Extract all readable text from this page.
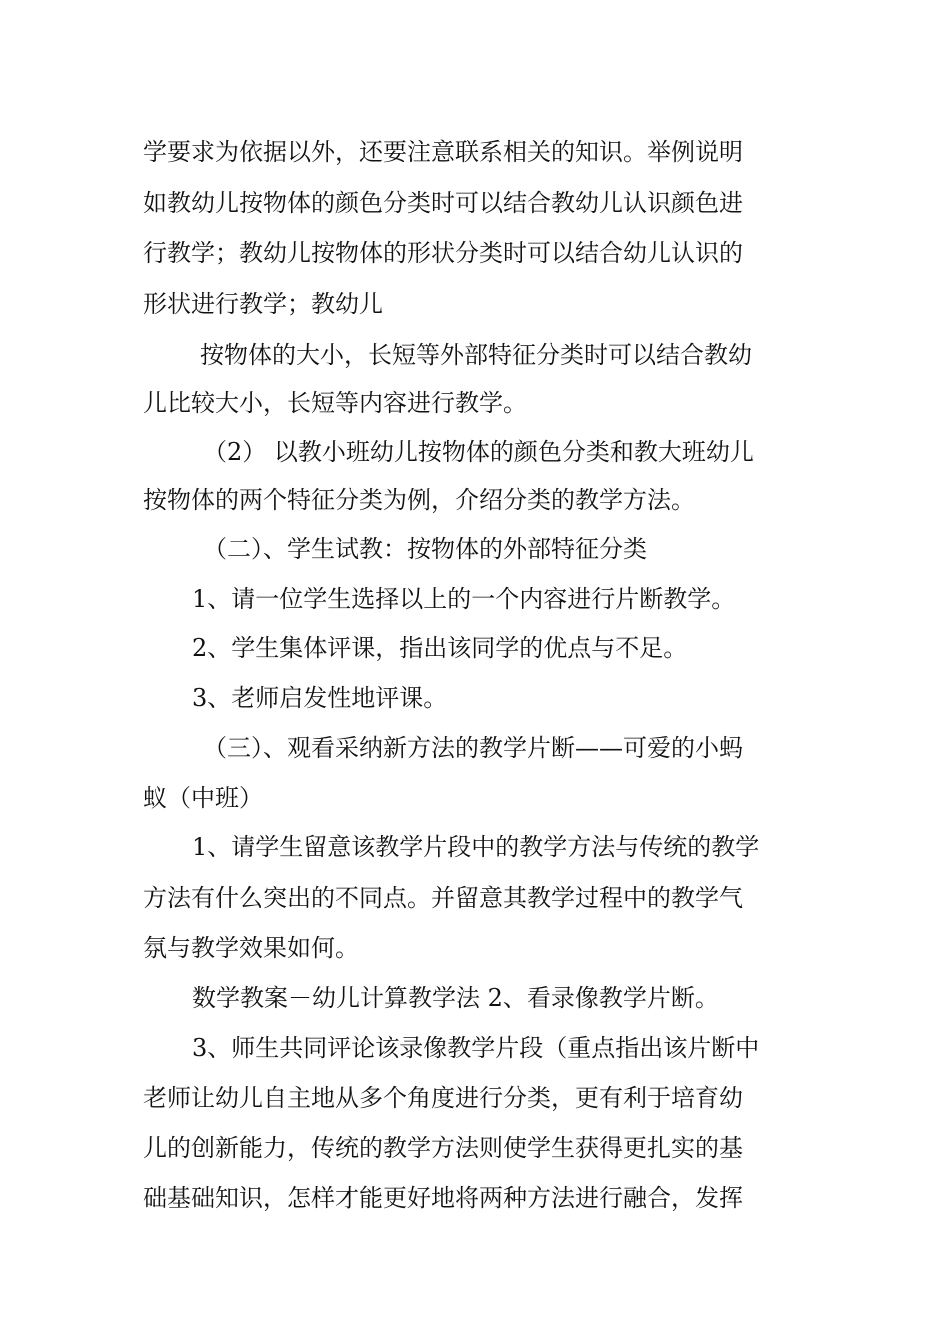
学要求为依据以外，还要注意联系相关的知识。举例说明
如教幼儿按物体的颜色分类时可以结合教幼儿认识颜色进
行教学；教幼儿按物体的形状分类时可以结合幼儿认识的
形状进行教学；教幼儿
按物体的大小，长短等外部特征分类时可以结合教幼
儿比较大小，长短等内容进行教学。
（2） 以教小班幼儿按物体的颜色分类和教大班幼儿
按物体的两个特征分类为例，介绍分类的教学方法。
（二）、学生试教：按物体的外部特征分类
1、请一位学生选择以上的一个内容进行片断教学。
2、学生集体评课，指出该同学的优点与不足。
3、老师启发性地评课。
（三）、观看采纳新方法的教学片断——可爱的小蚂
蚁（中班）
1、请学生留意该教学片段中的教学方法与传统的教学
方法有什么突出的不同点。并留意其教学过程中的教学气
氛与教学效果如何。
数学教案－幼儿计算教学法 2、看录像教学片断。
3、师生共同评论该录像教学片段（重点指出该片断中
老师让幼儿自主地从多个角度进行分类，更有利于培育幼
儿的创新能力，传统的教学方法则使学生获得更扎实的基
础基础知识，怎样才能更好地将两种方法进行融合，发挥
